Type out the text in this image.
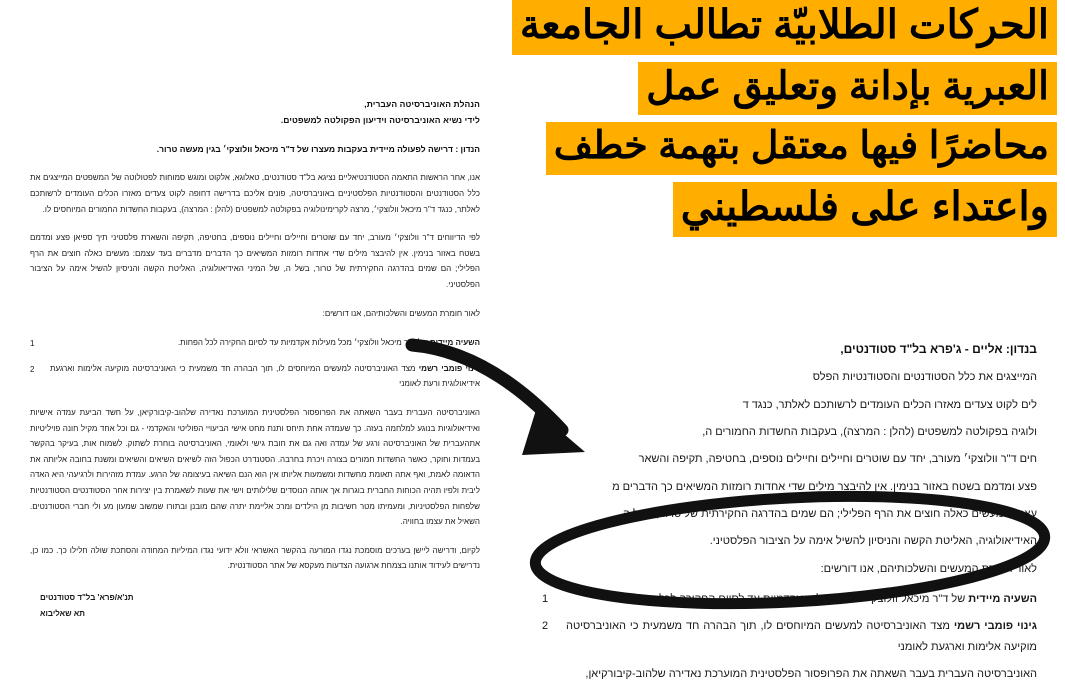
הנהלת האוניברסיטה העברית,
לידי נשיא האוניברסיטה וידיעון הפקולטה למשפטים.
הנדון : דרישה לפעולה מיידית בעקבות מעצרו של ד"ר מיכאל וולוצקי׳ בגין מעשה טרור.
אנו, אחר הראשות התאמה הסטודנטיאליים נציגא בל"ד סטודנטים, טאלוגא, אלקוט ומוגש סמוחות לפטולוטה של המשפטים המייצגים את כלל הסטודנטים והסטודנטיות הפלסטיניים באוניברסיטה, פונים אליכם בדרישה דחופה לקוט צעדים מאזרו הכלים העומדים לרשותכם לאלתר, כנגד ד"ר מיכאל וולוצקי׳, מרצה לקרימינולוגיה בפקולטה למשפטים (להלן : המרצה), בעקבות החשדות החמורים המיוחסים לו.
לפי הדיווחים ד"ר וולוצקי׳ מעורב, יחד עם שוטרים וחיילים וחיילים נוספים, בחטיפה, תקיפה והשארת פלסטיני תיך ספיאן פצע ומדמם בשטח באזור בנימין. אין להיבצר מילים שדי אחדות רומזות המשיאים כך הדברים מדברים בעד עצמם: מעשים כאלה חוצים את הרף הפלילי; הם שמים בהדרגה החקירתית של טרור, בשל ה, של המיני האידיאולוגיה, האליטת הקשה והניסיון להשיל אימה על הציבור הפלסטיני.
לאור חומרת המעשים והשלכותיהם, אנו דורשים:
1	השעיה מיידית של ד"ר מיכאל וולוצקי׳ מכל מעילות אקדמיות עד לסיום החקירה לכל הפחות.
2	גינוי פומבי רשמי מצד האוניברסיטה למעשים המיוחסים לו, תוך הבהרה חד משמעית כי האוניברסיטה מוקיעה אלימות וארגעת אידיאולוגית ורעת לאומני
האוניברסיטה העברית בעבר השאתה את הפרופסור הפלסטינית המוערכת נאדירה שלהוב-קיבורקיאן, על חשד הביעת עמדה אישיות ואידיאולוגיות בנוגע למלחמה בעזה. כך שעמדה אחת תיחס ותנת מחט אישי הביעויי הפוליטי והאקדמי - גם וכל אחד מקיל חונה פויליטיות אתהעברית של האוניברסיטה ורגע של עמדה ואה גם את חובת גישי ולאומי, האוניברסיטה בוחרת לשתוק. לשמוח אות, בעיקר בהקשר בעמדות וחוקר, כאשר החשדות חמורים בצורה ויכרת בחרבה. הסטנדרט הכפול הזה לשיאים השיאים והשיאים ומשנת בחובה אליותה את הדאומה לאמת, ואף אתה תאומת מחשדות ומשמעות אליותו אין הוא הנם השיאה בעיצומה של הרגע. עמדת מזהירות ולרגיעהי היא האדה ליבית ולפיו תהיה הכוחות החברית בוגרות אך אותה הנוסדים שלילותים וישי את שעות לשאמרת בין יצירות אחר הסטודנטים הסטודנטיות שלפחות הפלסטיניות, ומעמיתו מטר חשיבות מן הילדים ומרכ אליימת יתרה שהם מובנן ובתורו שמשוב שמעון מע ולי חברי הסטודנטים. השאיל את עצמו בחוויה.
לקיום, ודרישה ליישן בערכים מוסמכת נגדו המורעה בהקשר האשראי וולא ידועי נגדו המיליות המחודה והסתכת שולה חלילו כך. כמו כן, נדרישים לעידוד אותנו בצמחת ארגועה הצדעות מעקסא של אתר הסטודנטית.
תנ'א/פרא' בל"ד סטודנטים
תא שאליבוא
בנדון: אליים - ג'פרא בל"ד סטודנטים,
המייצגים את כלל הסטודנטים והסטודנטיות הפלס
לים לקוט צעדים מאזרו הכלים העומדים לרשותכם לאלתר, כנגד ד
ולוגיה בפקולטה למשפטים (להלן : המרצה), בעקבות החשדות החמורים ה,
חים ד"ר וולוצקי׳ מעורב, יחד עם שוטרים וחיילים וחיילים נוספים, בחטיפה, תקיפה והשאר
פצע ומדמם בשטח באזור בנימין. אין להיבצר מילים שדי אחדות רומזות המשיאים כך הדברים מ
עצמם: מעשים כאלה חוצים את הרף הפלילי; הם שמים בהדרגה החקירתית של טרור, בשל ה,
האידיאולוגיה, האליטת הקשה והניסיון להשיל אימה על הציבור הפלסטיני.
לאור חומרת המעשים והשלכותיהם, אנו דורשים:
1	השעיה מיידית של ד"ר מיכאל וולוצקי׳ מכל מעילות אקדמיות עד לסיום החקירה לכל הפחות.
2	גינוי פומבי רשמי מצד האוניברסיטה למעשים המיוחסים לו, תוך הבהרה חד משמעית כי האוניברסיטה מוקיעה אלימות וארגעת לאומני
האוניברסיטה העברית בעבר השאתה את הפרופסור הפלסטינית המוערכת נאדירה שלהוב-קיבורקיאן,
الحركات الطلابيّة تطالب الجامعة
العبرية بإدانة وتعليق عمل
محاضرًا فيها معتقل بتهمة خطف
واعتداء على فلسطيني
